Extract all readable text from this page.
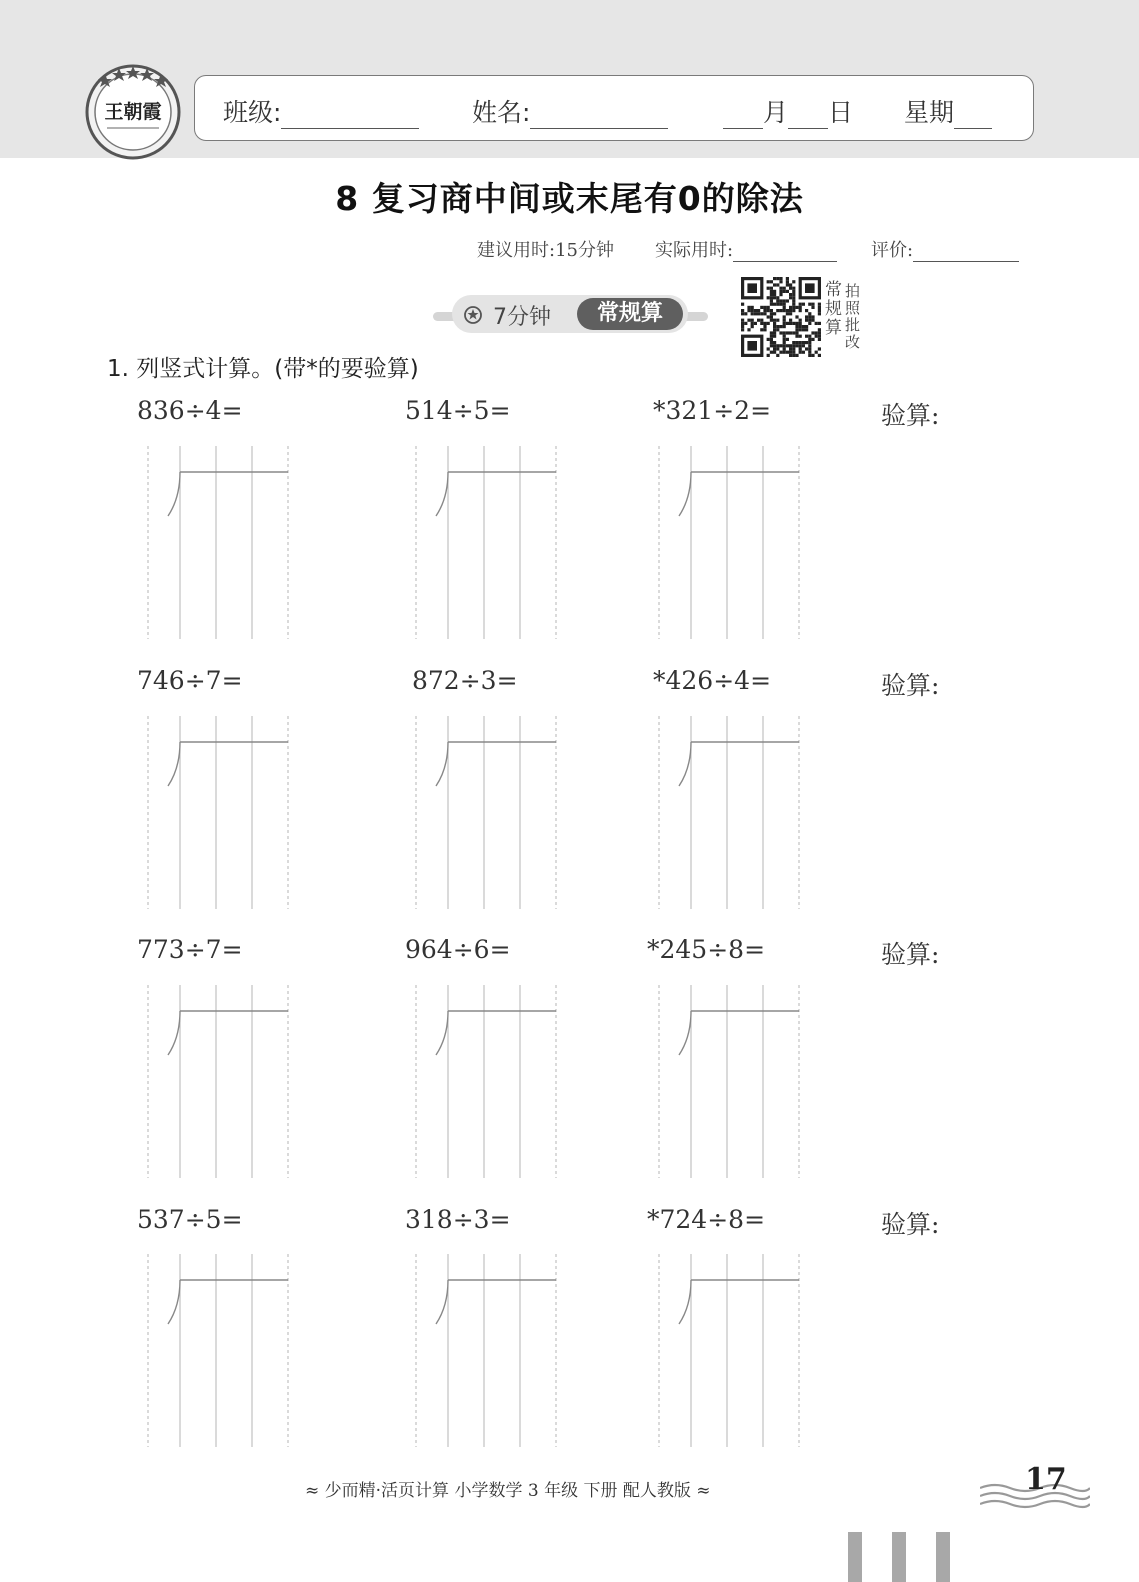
王朝霞 班级:	姓名:	月 日 星期
8 复习商中间或末尾有0的除法
建议用时:15分钟 实际用时:	评价:
7分钟	常规算
常规算
拍照批改
1. 列竖式计算。(带*的要验算)
836÷4=	514÷5=	*321÷2=	验算:
746÷7=	872÷3=	*426÷4=	验算:
773÷7=	964÷6=	*245÷8=	验算:
537÷5=	318÷3=	*724÷8=	验算:
≈ 少而精·活页计算 小学数学 3 年级 下册 配人教版 ≈	17
